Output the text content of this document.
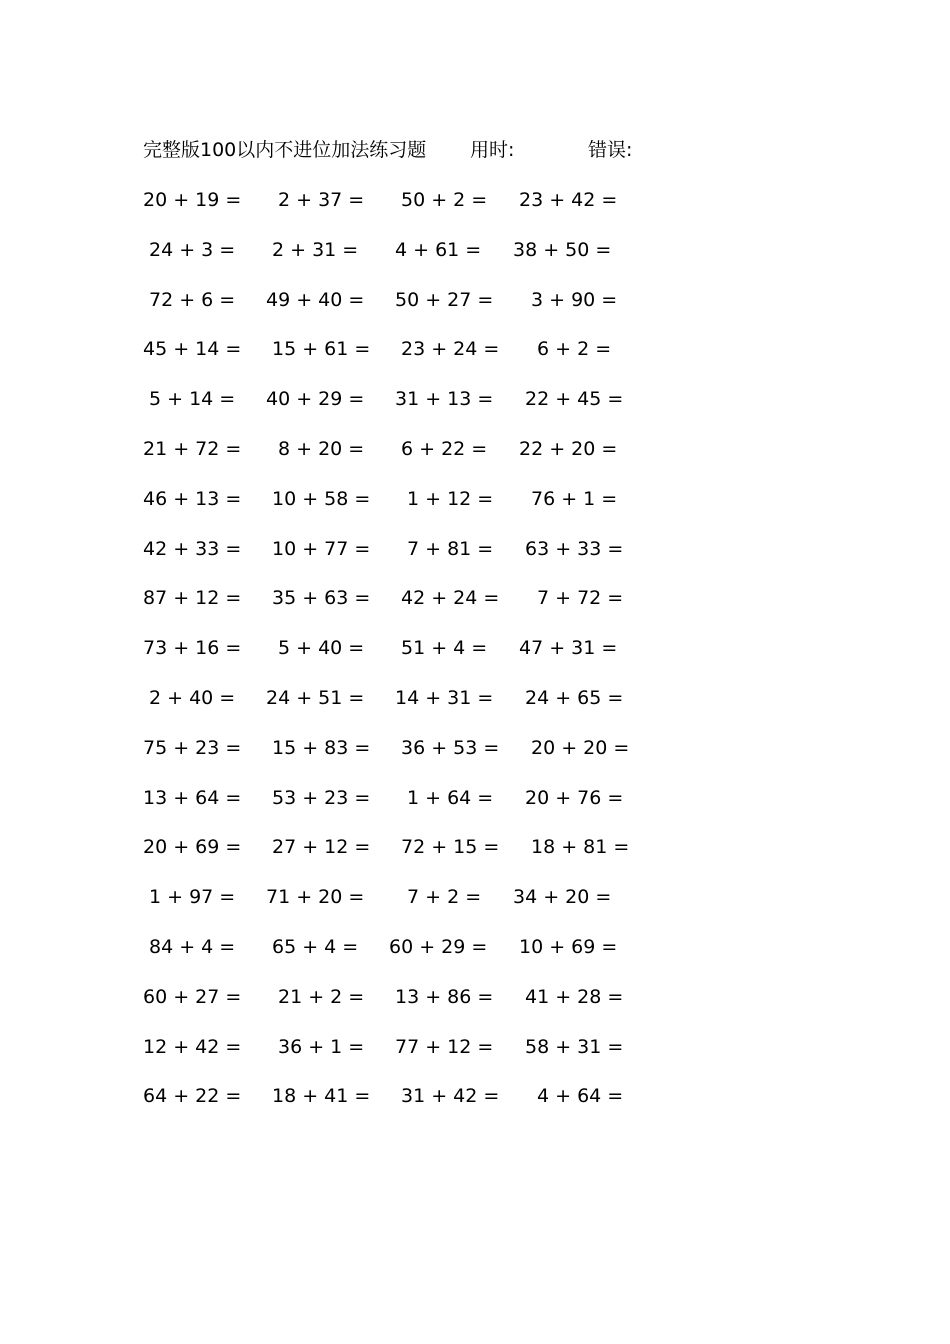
完整版100以内不进位加法练习题 用时:	错误:
20 + 19 = 2 + 37 = 50 + 2 = 23 + 42 =
24 + 3 = 2 + 31 = 4 + 61 = 38 + 50 =
72 + 6 = 49 + 40 = 50 + 27 = 3 + 90 =
45 + 14 = 15 + 61 = 23 + 24 = 6 + 2 =
5 + 14 = 40 + 29 = 31 + 13 = 22 + 45 =
21 + 72 = 8 + 20 = 6 + 22 = 22 + 20 =
46 + 13 = 10 + 58 = 1 + 12 = 76 + 1 =
42 + 33 = 10 + 77 = 7 + 81 = 63 + 33 =
87 + 12 = 35 + 63 = 42 + 24 = 7 + 72 =
73 + 16 = 5 + 40 = 51 + 4 = 47 + 31 =
2 + 40 = 24 + 51 = 14 + 31 = 24 + 65 =
75 + 23 = 15 + 83 = 36 + 53 = 20 + 20 =
13 + 64 = 53 + 23 = 1 + 64 = 20 + 76 =
20 + 69 = 27 + 12 = 72 + 15 = 18 + 81 =
1 + 97 = 71 + 20 = 7 + 2 = 34 + 20 =
84 + 4 = 65 + 4 = 60 + 29 = 10 + 69 =
60 + 27 = 21 + 2 = 13 + 86 = 41 + 28 =
12 + 42 = 36 + 1 = 77 + 12 = 58 + 31 =
64 + 22 = 18 + 41 = 31 + 42 = 4 + 64 =
